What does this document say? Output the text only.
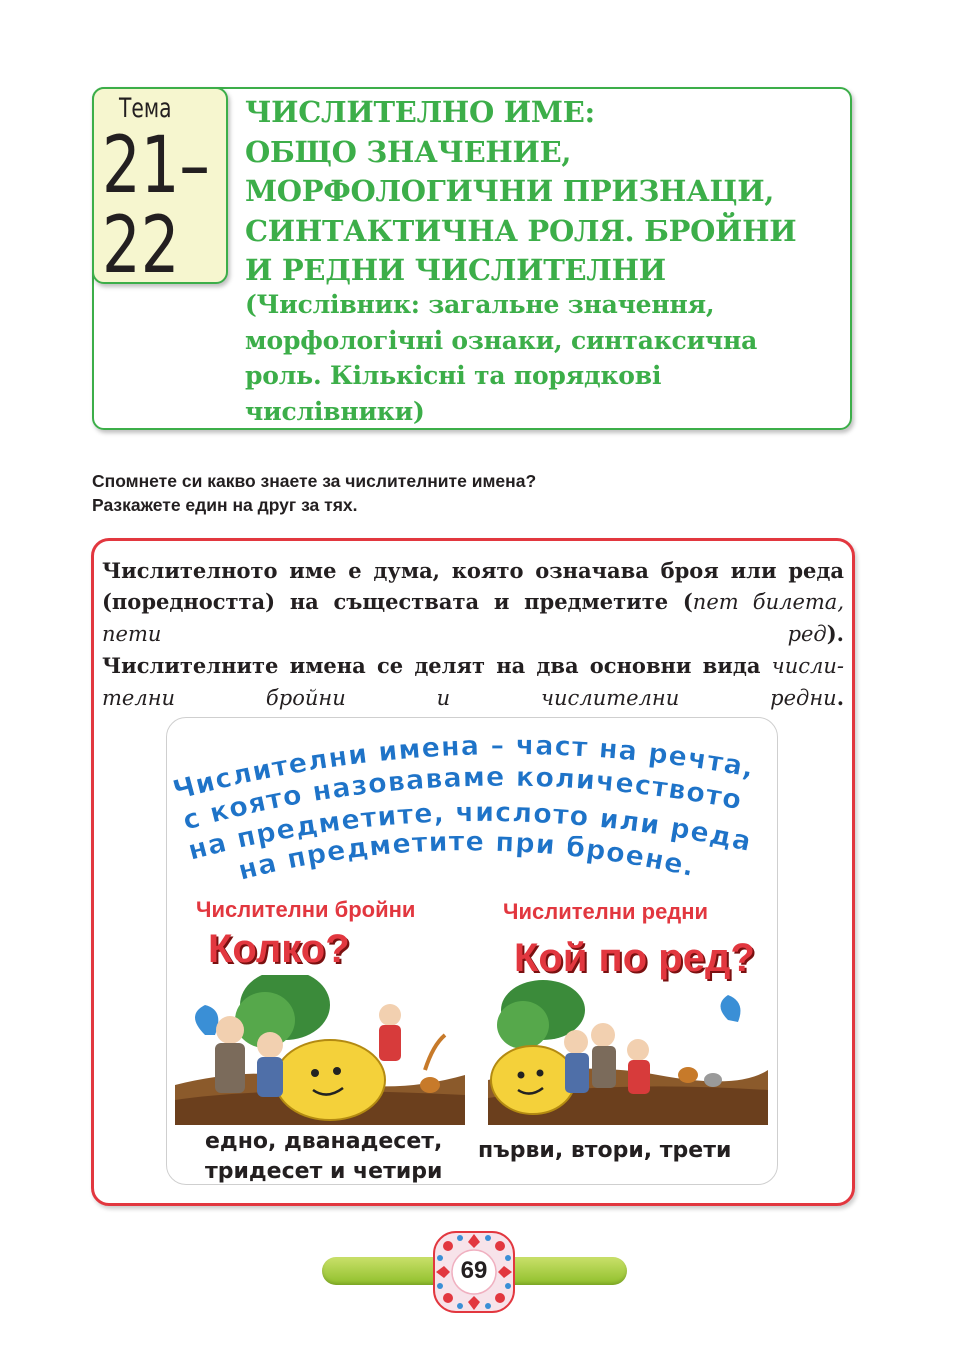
Тема
21–
22
ЧИСЛИТЕЛНО ИМЕ:
ОБЩО ЗНАЧЕНИЕ,
МОРФОЛОГИЧНИ ПРИЗНАЦИ,
СИНТАКТИЧНА РОЛЯ. БРОЙНИ
И РЕДНИ ЧИСЛИТЕЛНИ
(Числівник: загальне значення,
морфологічні ознаки, синтаксична
роль. Кількісні та порядкові
числівники)
Спомнете си какво знаете за числителните имена?
Разкажете един на друг за тях.
Числителното име е дума, която означава броя или реда (поредността) на съществата и предметите (пет билета, пети ред).
Числителните имена се делят на два основни вида числи-телни бройни и числителни редни.
Числителни имена – част на речта,
с която назоваваме количеството
на предметите, числото или реда
на предметите при броене.
Числителни бройни
Колко?
едно, дванадесет,
тридесет и четири
Числителни редни
Кой по ред?
първи, втори, трети
69
